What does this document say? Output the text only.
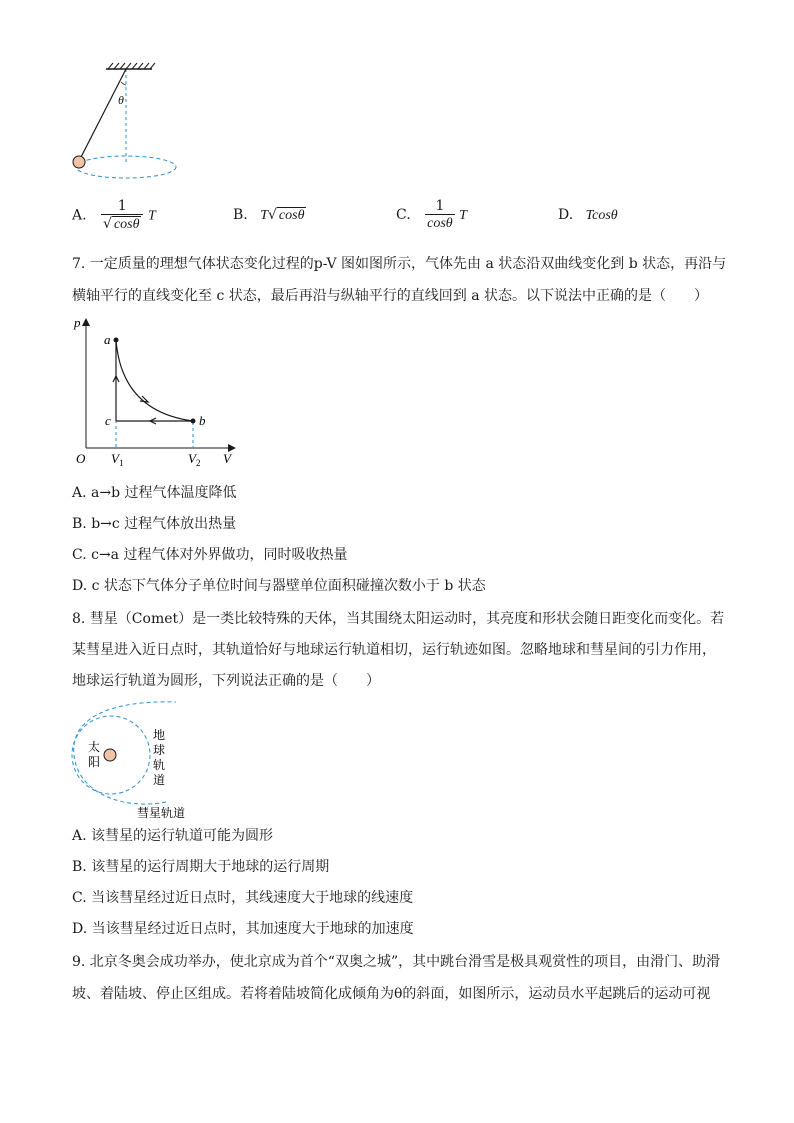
θ
A. $\frac{1}{√ \cos\theta}$ T	B. T√ cosθ	C. $\frac{1}{\cos\theta}$ T	D. Tcosθ
7. 一定质量的理想气体状态变化过程的p-V 图如图所示，气体先由 a 状态沿双曲线变化到 b 状态，再沿与
横轴平行的直线变化至 c 状态，最后再沿与纵轴平行的直线回到 a 状态。以下说法中正确的是（　　）
p
V
O
a
b
c
$V_1$	$V_2$
A. a→b 过程气体温度降低
B. b→c 过程气体放出热量
C. c→a 过程气体对外界做功，同时吸收热量
D. c 状态下气体分子单位时间与器壁单位面积碰撞次数小于 b 状态
8. 彗星（Comet）是一类比较特殊的天体，当其围绕太阳运动时，其亮度和形状会随日距变化而变化。若
某彗星进入近日点时，其轨道恰好与地球运行轨道相切，运行轨迹如图。忽略地球和彗星间的引力作用，
地球运行轨道为圆形，下列说法正确的是（　　）
太
阳
地
球
轨
道
彗星轨道
A. 该彗星的运行轨道可能为圆形
B. 该彗星的运行周期大于地球的运行周期
C. 当该彗星经过近日点时，其线速度大于地球的线速度
D. 当该彗星经过近日点时，其加速度大于地球的加速度
9. 北京冬奥会成功举办，使北京成为首个“双奥之城”，其中跳台滑雪是极具观赏性的项目，由滑门、助滑
坡、着陆坡、停止区组成。若将着陆坡简化成倾角为θ的斜面，如图所示，运动员水平起跳后的运动可视
